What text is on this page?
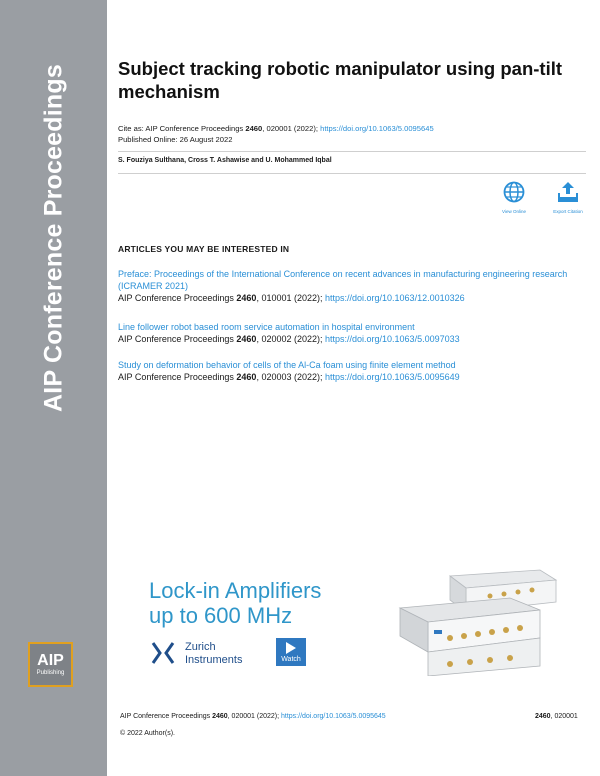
AIP Conference Proceedings
AIP
Publishing
Subject tracking robotic manipulator using pan-tilt mechanism
Cite as: AIP Conference Proceedings 2460, 020001 (2022); https://doi.org/10.1063/5.0095645
Published Online: 26 August 2022
S. Fouziya Sulthana, Cross T. Ashawise and U. Mohammed Iqbal
View Online	Export Citation
ARTICLES YOU MAY BE INTERESTED IN
Preface: Proceedings of the International Conference on recent advances in manufacturing engineering research (ICRAMER 2021)
AIP Conference Proceedings 2460, 010001 (2022); https://doi.org/10.1063/12.0010326
Line follower robot based room service automation in hospital environment
AIP Conference Proceedings 2460, 020002 (2022); https://doi.org/10.1063/5.0097033
Study on deformation behavior of cells of the Al-Ca foam using finite element method
AIP Conference Proceedings 2460, 020003 (2022); https://doi.org/10.1063/5.0095649
Lock-in Amplifiers
up to 600 MHz
Zurich
Instruments	Watch
AIP Conference Proceedings 2460, 020001 (2022); https://doi.org/10.1063/5.0095645	2460, 020001
© 2022 Author(s).
